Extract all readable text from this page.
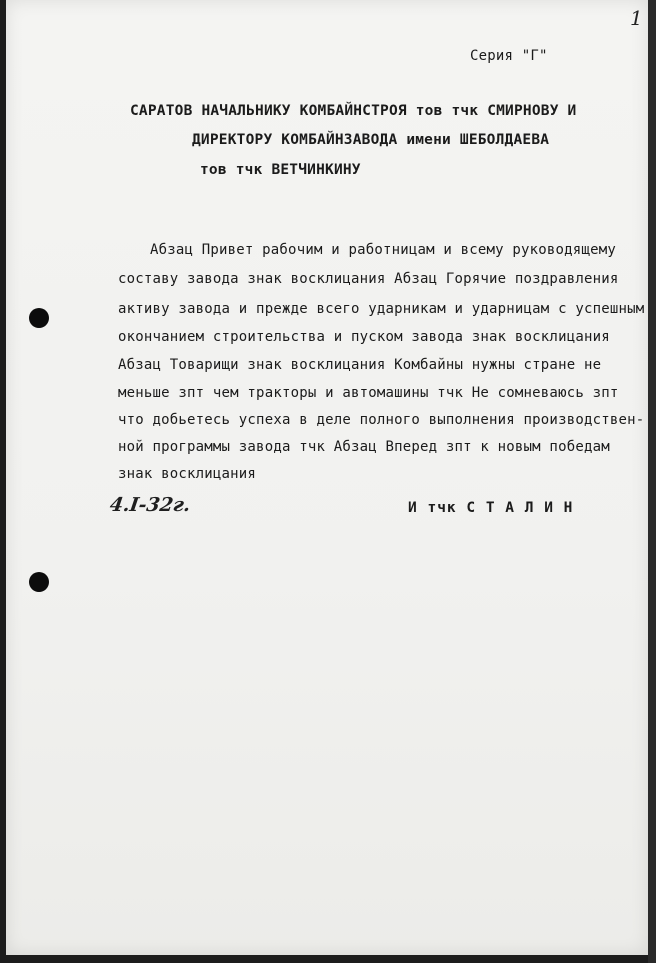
1
Серия "Г"
САРАТОВ НАЧАЛЬНИКУ КОМБАЙНСТРОЯ тов тчк СМИРНОВУ И
ДИРЕКТОРУ КОМБАЙНЗАВОДА имени ШЕБОЛДАЕВА
тов тчк ВЕТЧИНКИНУ
Абзац Привет рабочим и работницам и всему руководящему
составу завода знак восклицания Абзац Горячие поздравления
активу завода и прежде всего ударникам и ударницам с успешным
окончанием строительства и пуском завода знак восклицания
Абзац Товарищи знак восклицания Комбайны нужны стране не
меньше зпт чем тракторы и автомашины тчк Не сомневаюсь зпт
что добьетесь успеха в деле полного выполнения производствен-
ной программы завода тчк Абзац Вперед зпт к новым победам
знак восклицания
4.I-32г.	И тчк С Т А Л И Н
